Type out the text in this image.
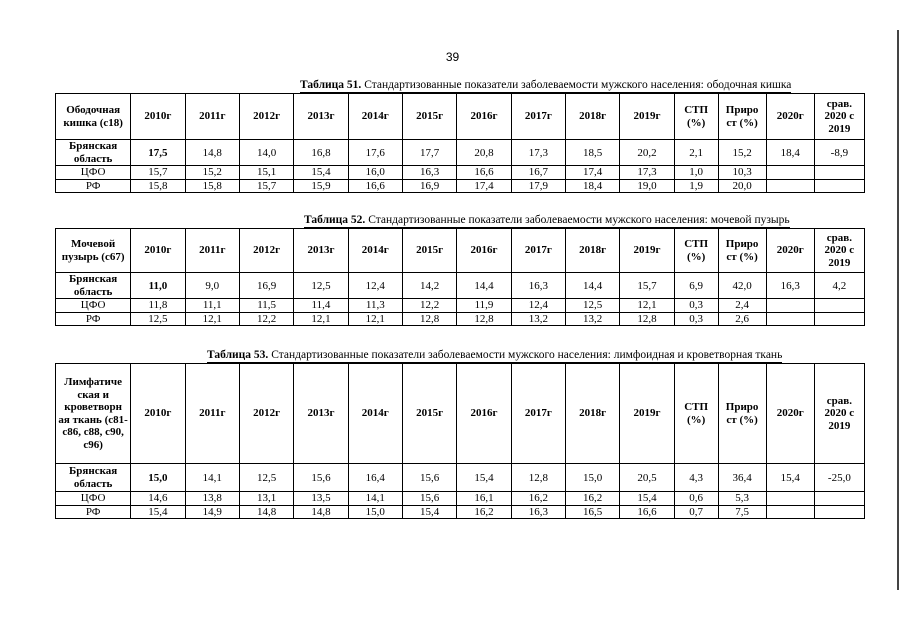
39
Таблица 51. Стандартизованные показатели заболеваемости мужского населения: ободочная кишка
Ободочная кишка (с18)	2010г	2011г	2012г	2013г	2014г	2015г	2016г	2017г	2018г	2019г	СТП (%)	Приро ст (%)	2020г	срав. 2020 с 2019
Брянская область	17,5	14,8	14,0	16,8	17,6	17,7	20,8	17,3	18,5	20,2	2,1	15,2	18,4	-8,9
ЦФО	15,7	15,2	15,1	15,4	16,0	16,3	16,6	16,7	17,4	17,3	1,0	10,3		
РФ	15,8	15,8	15,7	15,9	16,6	16,9	17,4	17,9	18,4	19,0	1,9	20,0		
Таблица 52. Стандартизованные показатели заболеваемости мужского населения: мочевой пузырь
Мочевой пузырь (с67)	2010г	2011г	2012г	2013г	2014г	2015г	2016г	2017г	2018г	2019г	СТП (%)	Приро ст (%)	2020г	срав. 2020 с 2019
Брянская область	11,0	9,0	16,9	12,5	12,4	14,2	14,4	16,3	14,4	15,7	6,9	42,0	16,3	4,2
ЦФО	11,8	11,1	11,5	11,4	11,3	12,2	11,9	12,4	12,5	12,1	0,3	2,4		
РФ	12,5	12,1	12,2	12,1	12,1	12,8	12,8	13,2	13,2	12,8	0,3	2,6		
Таблица 53. Стандартизованные показатели заболеваемости мужского населения: лимфоидная и кроветворная ткань
Лимфатиче ская и кроветворн ая ткань (с81-с86, с88, с90, с96)	2010г	2011г	2012г	2013г	2014г	2015г	2016г	2017г	2018г	2019г	СТП (%)	Приро ст (%)	2020г	срав. 2020 с 2019
Брянская область	15,0	14,1	12,5	15,6	16,4	15,6	15,4	12,8	15,0	20,5	4,3	36,4	15,4	-25,0
ЦФО	14,6	13,8	13,1	13,5	14,1	15,6	16,1	16,2	16,2	15,4	0,6	5,3		
РФ	15,4	14,9	14,8	14,8	15,0	15,4	16,2	16,3	16,5	16,6	0,7	7,5		
